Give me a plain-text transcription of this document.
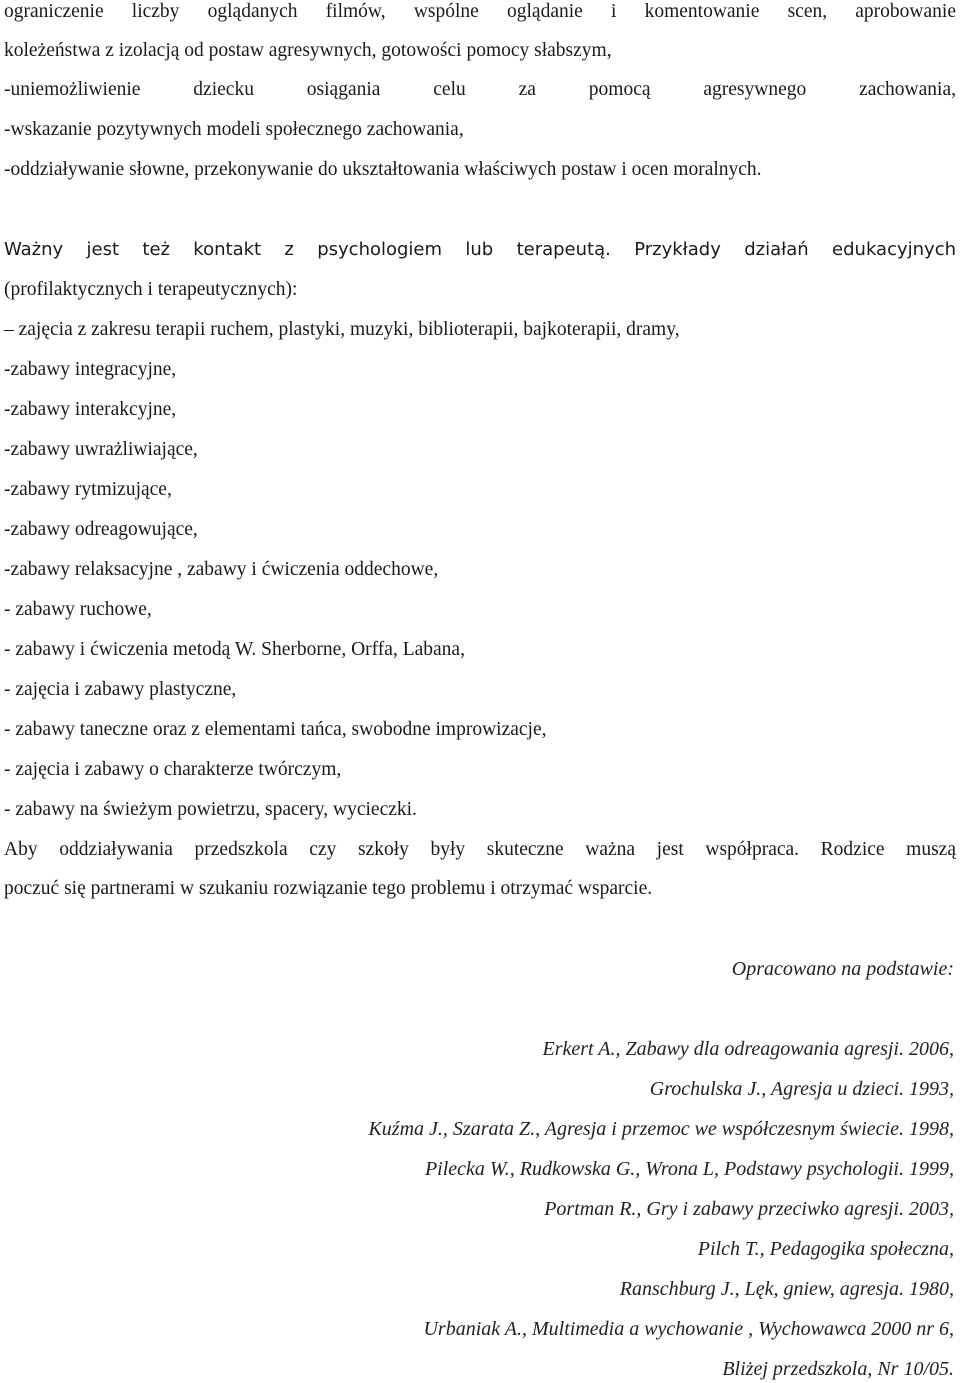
ograniczenie liczby oglądanych filmów, wspólne oglądanie i komentowanie scen, aprobowanie
koleżeństwa z izolacją od postaw agresywnych, gotowości pomocy słabszym,
-uniemożliwienie dziecku osiągania celu za pomocą agresywnego zachowania,
-wskazanie pozytywnych modeli społecznego zachowania,
-oddziaływanie słowne, przekonywanie do ukształtowania właściwych postaw i ocen moralnych.
Ważny jest też kontakt z psychologiem lub terapeutą. Przykłady działań edukacyjnych
(profilaktycznych i terapeutycznych):
– zajęcia z zakresu terapii ruchem, plastyki, muzyki, biblioterapii, bajkoterapii, dramy,
-zabawy integracyjne,
-zabawy interakcyjne,
-zabawy uwrażliwiające,
-zabawy rytmizujące,
-zabawy odreagowujące,
-zabawy relaksacyjne , zabawy i ćwiczenia oddechowe,
- zabawy ruchowe,
- zabawy i ćwiczenia metodą W. Sherborne, Orffa, Labana,
- zajęcia i zabawy plastyczne,
- zabawy taneczne oraz z elementami tańca, swobodne improwizacje,
- zajęcia i zabawy o charakterze twórczym,
- zabawy na świeżym powietrzu, spacery, wycieczki.
Aby oddziaływania przedszkola czy szkoły były skuteczne ważna jest współpraca. Rodzice muszą
poczuć się partnerami w szukaniu rozwiązanie tego problemu i otrzymać wsparcie.
Opracowano na podstawie:
Erkert A., Zabawy dla odreagowania agresji. 2006,
Grochulska J., Agresja u dzieci. 1993,
Kuźma J., Szarata Z., Agresja i przemoc we współczesnym świecie. 1998,
Pilecka W., Rudkowska G., Wrona L, Podstawy psychologii. 1999,
Portman R., Gry i zabawy przeciwko agresji. 2003,
Pilch T., Pedagogika społeczna,
Ranschburg J., Lęk, gniew, agresja. 1980,
Urbaniak A., Multimedia a wychowanie , Wychowawca 2000 nr 6,
Bliżej przedszkola, Nr 10/05.
